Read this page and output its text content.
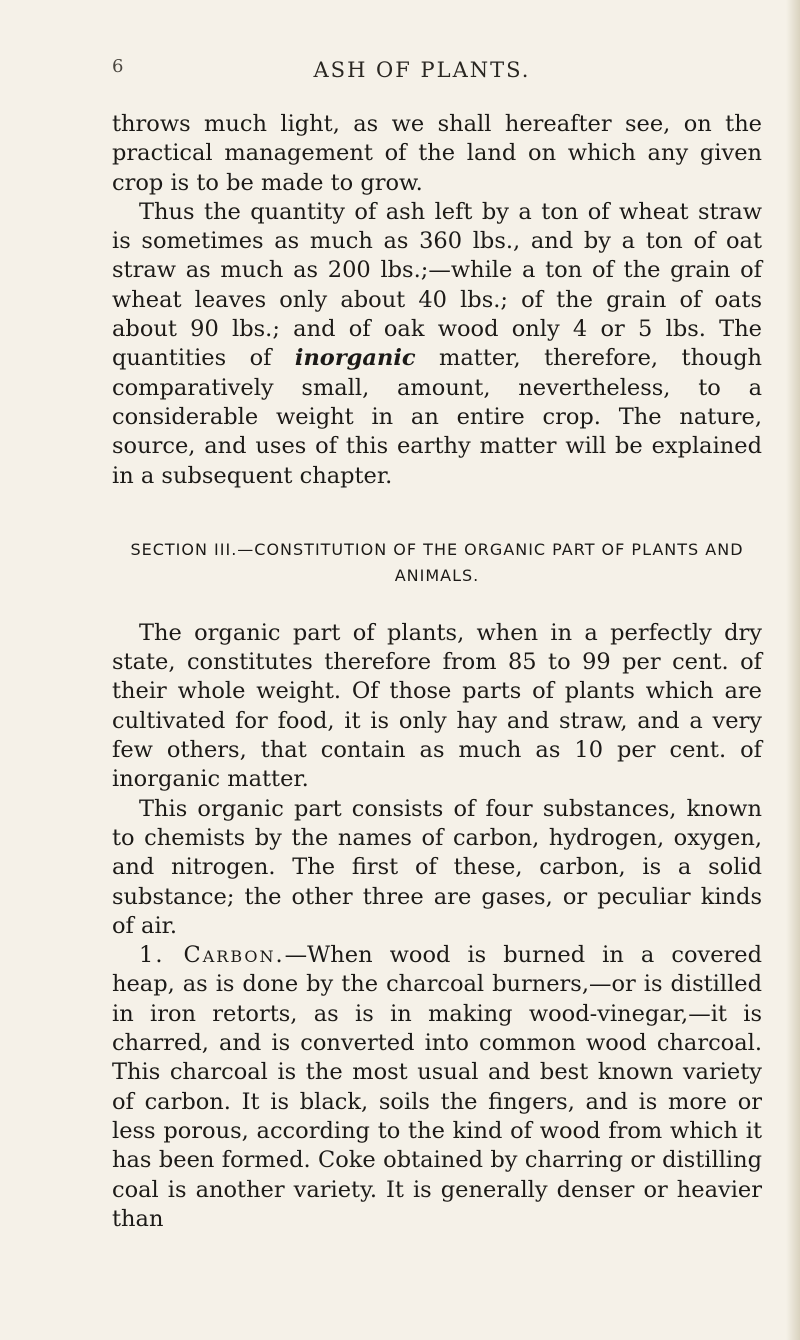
6	ASH OF PLANTS.

throws much light, as we shall hereafter see, on the practical management of the land on which any given crop is to be made to grow.

Thus the quantity of ash left by a ton of wheat straw is sometimes as much as 360 lbs., and by a ton of oat straw as much as 200 lbs.;—while a ton of the grain of wheat leaves only about 40 lbs.; of the grain of oats about 90 lbs.; and of oak wood only 4 or 5 lbs. The quantities of inorganic matter, therefore, though comparatively small, amount, nevertheless, to a considerable weight in an entire crop. The nature, source, and uses of this earthy matter will be explained in a subsequent chapter.

SECTION III.—CONSTITUTION OF THE ORGANIC PART OF PLANTS AND ANIMALS.

The organic part of plants, when in a perfectly dry state, constitutes therefore from 85 to 99 per cent. of their whole weight. Of those parts of plants which are cultivated for food, it is only hay and straw, and a very few others, that contain as much as 10 per cent. of inorganic matter.

This organic part consists of four substances, known to chemists by the names of carbon, hydrogen, oxygen, and nitrogen. The first of these, carbon, is a solid substance; the other three are gases, or peculiar kinds of air.

1. Carbon.—When wood is burned in a covered heap, as is done by the charcoal burners,—or is distilled in iron retorts, as is in making wood-vinegar,—it is charred, and is converted into common wood charcoal. This charcoal is the most usual and best known variety of carbon. It is black, soils the fingers, and is more or less porous, according to the kind of wood from which it has been formed. Coke obtained by charring or distilling coal is another variety. It is generally denser or heavier than
